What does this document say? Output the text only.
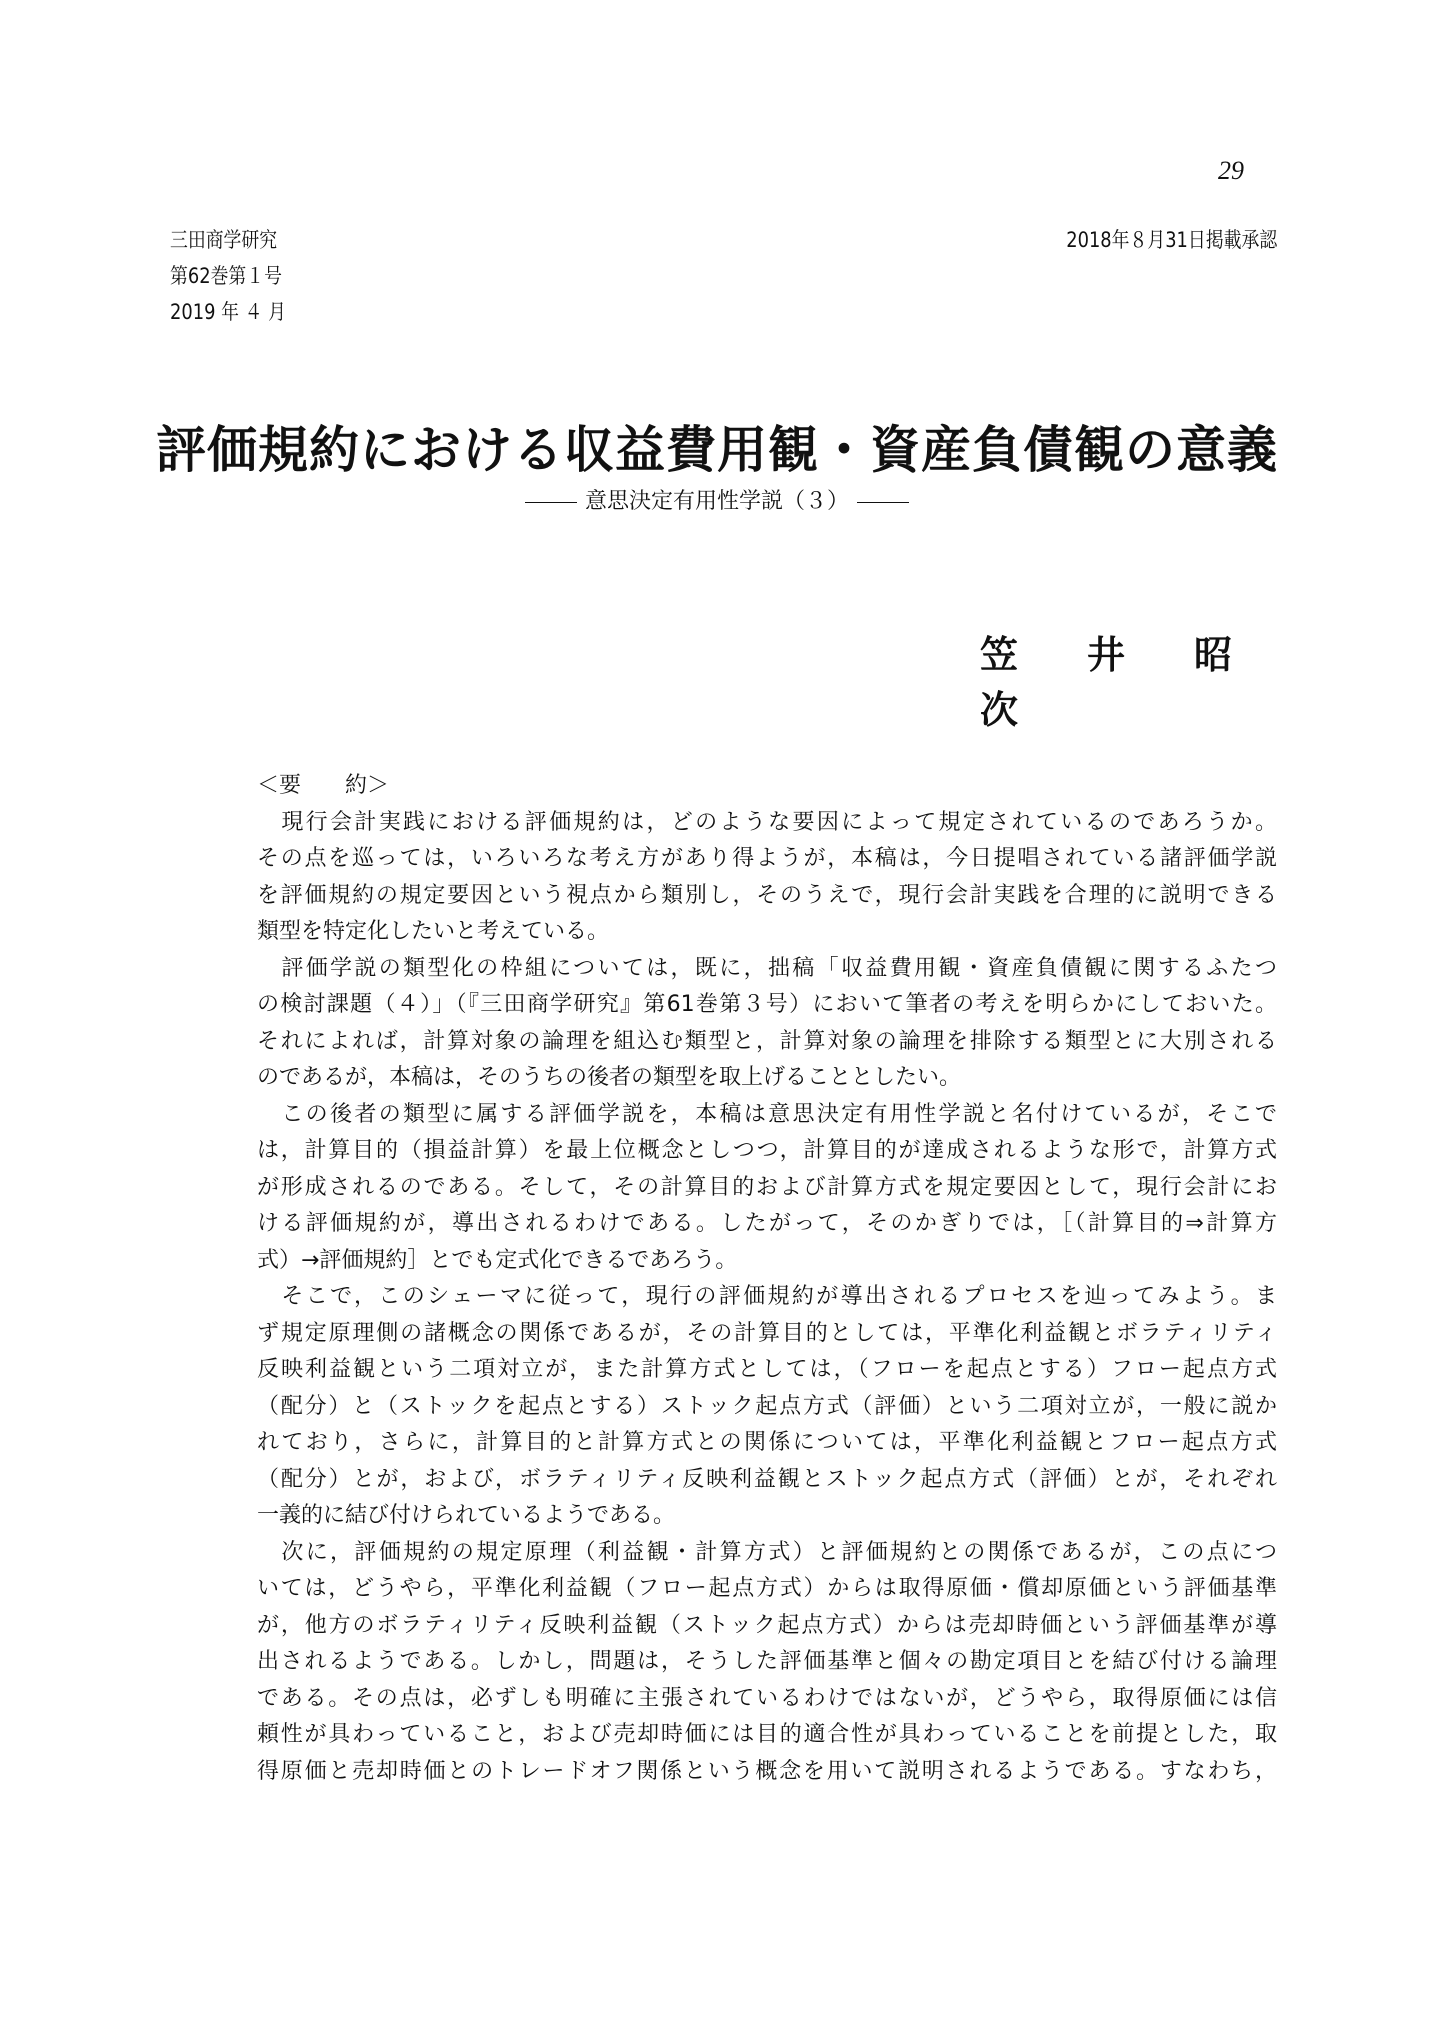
29
三田商学研究
第62巻第１号
2019 年 ４ 月
2018年８月31日掲載承認
評価規約における収益費用観・資産負債観の意義
意思決定有用性学説（３）
笠　井　昭　次
＜要　　約＞
　現行会計実践における評価規約は，どのような要因によって規定されているのであろうか。
その点を巡っては，いろいろな考え方があり得ようが，本稿は，今日提唱されている諸評価学説
を評価規約の規定要因という視点から類別し，そのうえで，現行会計実践を合理的に説明できる
類型を特定化したいと考えている。
　評価学説の類型化の枠組については，既に，拙稿「収益費用観・資産負債観に関するふたつ
の検討課題（４）」（『三田商学研究』第61巻第３号）において筆者の考えを明らかにしておいた。
それによれば，計算対象の論理を組込む類型と，計算対象の論理を排除する類型とに大別される
のであるが，本稿は，そのうちの後者の類型を取上げることとしたい。
　この後者の類型に属する評価学説を，本稿は意思決定有用性学説と名付けているが，そこで
は，計算目的（損益計算）を最上位概念としつつ，計算目的が達成されるような形で，計算方式
が形成されるのである。そして，その計算目的および計算方式を規定要因として，現行会計にお
ける評価規約が，導出されるわけである。したがって，そのかぎりでは，［（計算目的⇒計算方
式）→評価規約］とでも定式化できるであろう。
　そこで，このシェーマに従って，現行の評価規約が導出されるプロセスを辿ってみよう。ま
ず規定原理側の諸概念の関係であるが，その計算目的としては，平準化利益観とボラティリティ
反映利益観という二項対立が，また計算方式としては，（フローを起点とする）フロー起点方式
（配分）と（ストックを起点とする）ストック起点方式（評価）という二項対立が，一般に説か
れており，さらに，計算目的と計算方式との関係については，平準化利益観とフロー起点方式
（配分）とが，および，ボラティリティ反映利益観とストック起点方式（評価）とが，それぞれ
一義的に結び付けられているようである。
　次に，評価規約の規定原理（利益観・計算方式）と評価規約との関係であるが，この点につ
いては，どうやら，平準化利益観（フロー起点方式）からは取得原価・償却原価という評価基準
が，他方のボラティリティ反映利益観（ストック起点方式）からは売却時価という評価基準が導
出されるようである。しかし，問題は，そうした評価基準と個々の勘定項目とを結び付ける論理
である。その点は，必ずしも明確に主張されているわけではないが，どうやら，取得原価には信
頼性が具わっていること，および売却時価には目的適合性が具わっていることを前提とした，取
得原価と売却時価とのトレードオフ関係という概念を用いて説明されるようである。すなわち，
